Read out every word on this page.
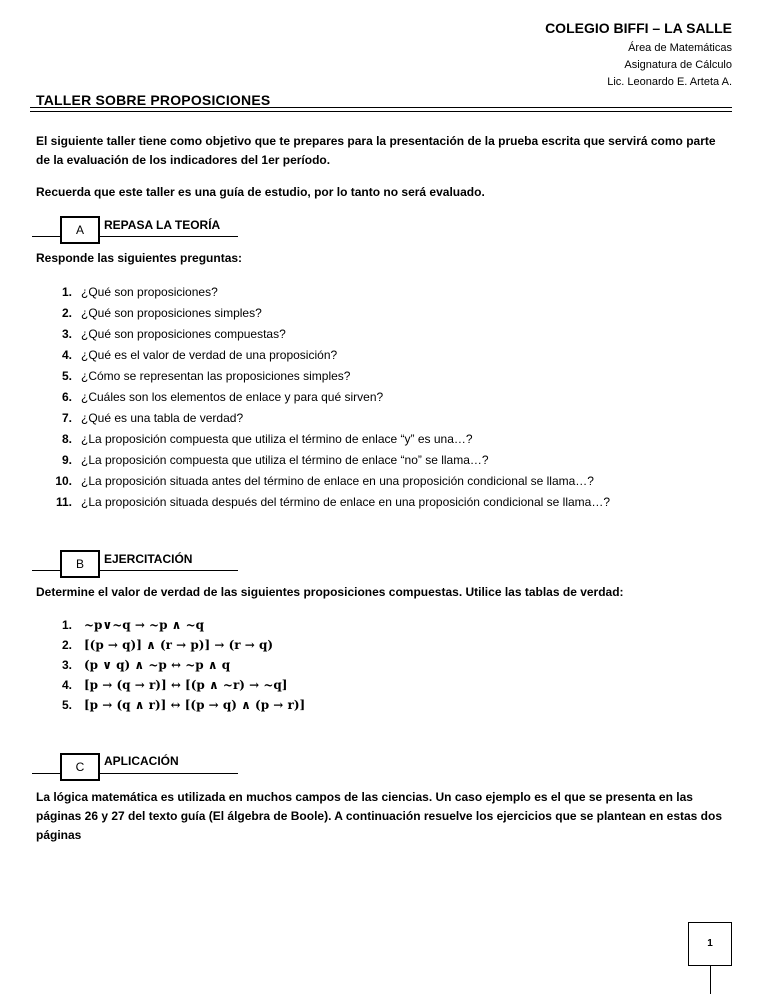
COLEGIO BIFFI – LA SALLE
Área de Matemáticas
Asignatura de Cálculo
Lic. Leonardo E. Arteta A.
TALLER SOBRE PROPOSICIONES
El siguiente taller tiene como objetivo que te prepares para la presentación de la prueba escrita que servirá como parte de la evaluación de los indicadores del 1er período.
Recuerda que este taller es una guía de estudio, por lo tanto no será evaluado.
A	REPASA LA TEORÍA
Responde las siguientes preguntas:
1. ¿Qué son proposiciones?
2. ¿Qué son proposiciones simples?
3. ¿Qué son proposiciones compuestas?
4. ¿Qué es el valor de verdad de una proposición?
5. ¿Cómo se representan las proposiciones simples?
6. ¿Cuáles son los elementos de enlace y para qué sirven?
7. ¿Qué es una tabla de verdad?
8. ¿La proposición compuesta que utiliza el término de enlace “y” es una…?
9. ¿La proposición compuesta que utiliza el término de enlace “no” se llama…?
10. ¿La proposición situada antes del término de enlace en una proposición condicional se llama…?
11. ¿La proposición situada después del término de enlace en una proposición condicional se llama…?
B	EJERCITACIÓN
Determine el valor de verdad de las siguientes proposiciones compuestas. Utilice las tablas de verdad:
1. ~p∨~q → ~p ∧ ~q
2. [(p → q)] ∧ (r → p)] → (r → q)
3. (p ∨ q) ∧ ~p ↔ ~p ∧ q
4. [p → (q → r)] ↔ [(p ∧ ~r) → ~q]
5. [p → (q ∧ r)] ↔ [(p → q) ∧ (p → r)]
C	APLICACIÓN
La lógica matemática es utilizada en muchos campos de las ciencias. Un caso ejemplo es el que se presenta en las páginas 26 y 27 del texto guía (El álgebra de Boole). A continuación resuelve los ejercicios que se plantean en estas dos páginas
1
